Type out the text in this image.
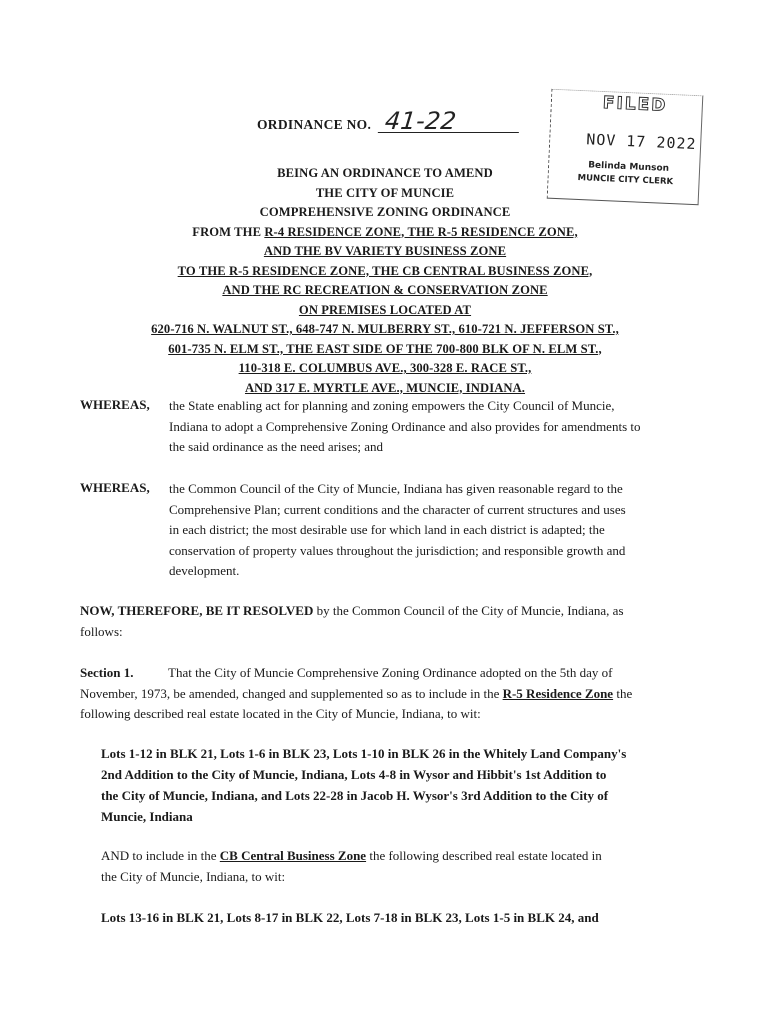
ORDINANCE NO. 41-22
FILED
NOV 17 2022
Belinda Munson
MUNCIE CITY CLERK
BEING AN ORDINANCE TO AMEND
THE CITY OF MUNCIE
COMPREHENSIVE ZONING ORDINANCE
FROM THE R-4 RESIDENCE ZONE, THE R-5 RESIDENCE ZONE,
AND THE BV VARIETY BUSINESS ZONE
TO THE R-5 RESIDENCE ZONE, THE CB CENTRAL BUSINESS ZONE,
AND THE RC RECREATION & CONSERVATION ZONE
ON PREMISES LOCATED AT
620-716 N. WALNUT ST., 648-747 N. MULBERRY ST., 610-721 N. JEFFERSON ST.,
601-735 N. ELM ST., THE EAST SIDE OF THE 700-800 BLK OF N. ELM ST.,
110-318 E. COLUMBUS AVE., 300-328 E. RACE ST.,
AND 317 E. MYRTLE AVE., MUNCIE, INDIANA.
WHEREAS, the State enabling act for planning and zoning empowers the City Council of Muncie,
Indiana to adopt a Comprehensive Zoning Ordinance and also provides for amendments to
the said ordinance as the need arises; and
WHEREAS, the Common Council of the City of Muncie, Indiana has given reasonable regard to the
Comprehensive Plan; current conditions and the character of current structures and uses
in each district; the most desirable use for which land in each district is adapted; the
conservation of property values throughout the jurisdiction; and responsible growth and
development.
NOW, THEREFORE, BE IT RESOLVED by the Common Council of the City of Muncie, Indiana, as
follows:
Section 1.	That the City of Muncie Comprehensive Zoning Ordinance adopted on the 5th day of
November, 1973, be amended, changed and supplemented so as to include in the R-5 Residence Zone the
following described real estate located in the City of Muncie, Indiana, to wit:
Lots 1-12 in BLK 21, Lots 1-6 in BLK 23, Lots 1-10 in BLK 26 in the Whitely Land Company's
2nd Addition to the City of Muncie, Indiana, Lots 4-8 in Wysor and Hibbit's 1st Addition to
the City of Muncie, Indiana, and Lots 22-28 in Jacob H. Wysor's 3rd Addition to the City of
Muncie, Indiana
AND to include in the CB Central Business Zone the following described real estate located in
the City of Muncie, Indiana, to wit:
Lots 13-16 in BLK 21, Lots 8-17 in BLK 22, Lots 7-18 in BLK 23, Lots 1-5 in BLK 24, and
